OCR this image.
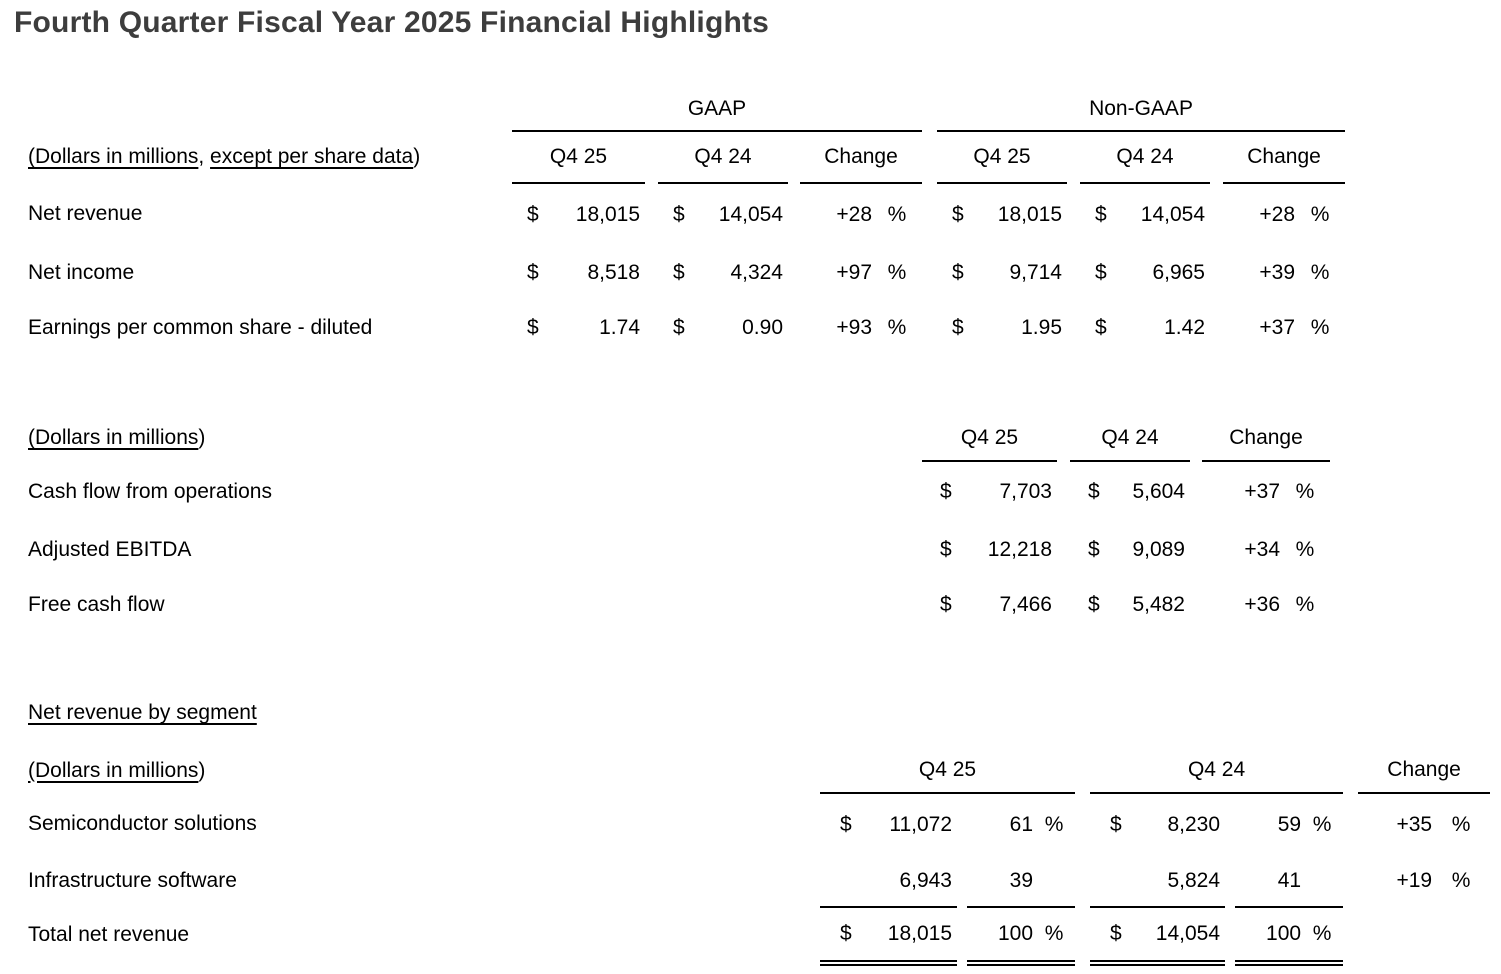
Fourth Quarter Fiscal Year 2025 Financial Highlights
	GAAP						Non-GAAP				
(Dollars in millions, except per share data)	Q4 25		Q4 24		Change		Q4 25		Q4 24		Change
Net revenue	$ 18,015		$ 14,054		+28 %		$ 18,015		$ 14,054		+28 %
Net income	$ 8,518		$ 4,324		+97 %		$ 9,714		$ 6,965		+39 %
Earnings per common share - diluted	$ 1.74		$ 0.90		+93 %		$ 1.95		$ 1.42		+37 %
(Dollars in millions)	Q4 25		Q4 24		Change
Cash flow from operations	$ 7,703		$ 5,604		+37 %
Adjusted EBITDA	$ 12,218		$ 9,089		+34 %
Free cash flow	$ 7,466		$ 5,482		+36 %
Net revenue by segment
(Dollars in millions)	Q4 25				Q4 24				Change
Semiconductor solutions	$ 11,072		61 %		$ 8,230		59 %		+35 %
Infrastructure software	6,943		39		5,824		41		+19 %
Total net revenue	$ 18,015		100 %		$ 14,054		100 %		
